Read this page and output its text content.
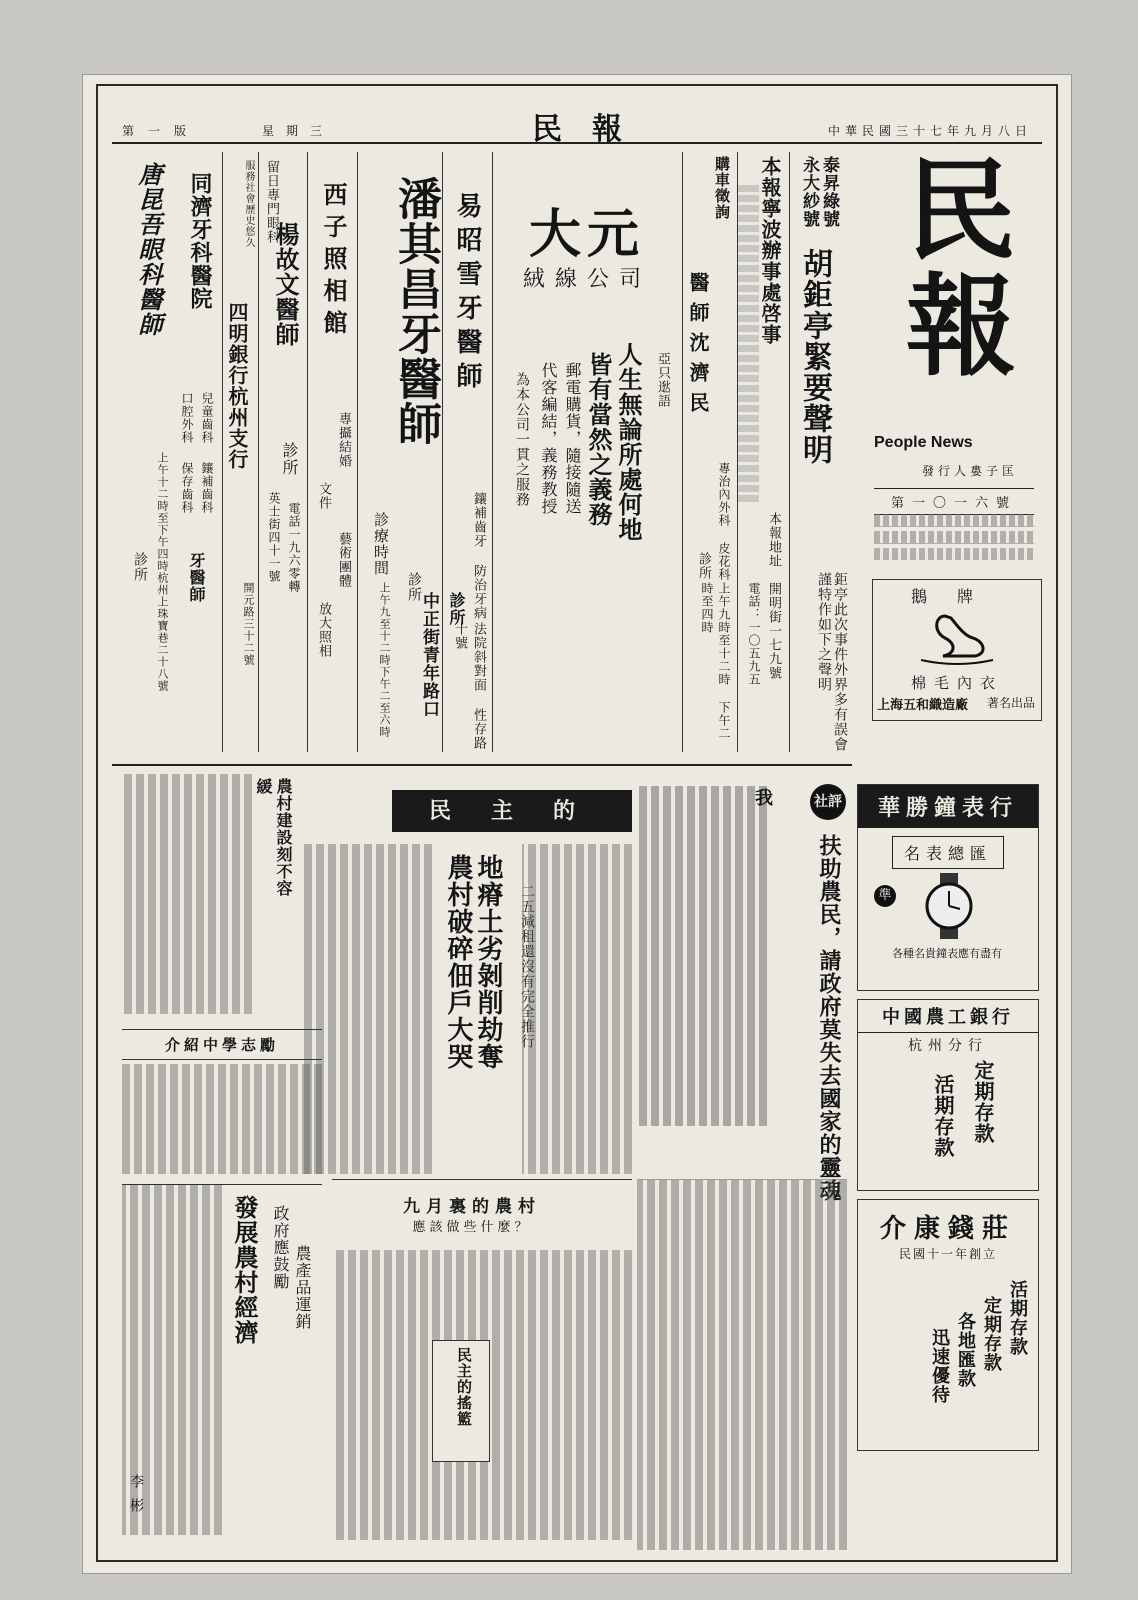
第一版	星期三	民報	中華民國三十七年九月八日
民報
People News
發行人婁子匡
第一〇一六號
鵝牌
棉毛內衣
上海五和織造廠 著名出品
泰昇綠號
永大紗號
胡鉅亭緊要聲明
鉅亭此次事件外界多有誤會謹特作如下之聲明
本報寧波辦事處啓事
本報地址
開明街一七九號
電話：一〇五九五
購車徵詢
醫師沈濟民
專治內外科 皮花科
診所
上午九時至十二時 下午二時至四時
大元
絨線公司
亞只逖語
人生無論所處何地
皆有當然之義務
郵電購貨，隨接隨送
代客編結，義務教授
為本公司一貫之服務
易昭雪牙醫師
鑲補齒牙 防治牙病
診所
法院斜對面 性存路十號
潘其昌牙醫師
診療時間
上午九至十二時下午二至六時 診所
中正街青年路口
西子照相館
專攝結婚
文件
藝術團體
放大照相
留日專門眼科
楊故文醫師
診所
英士街四十一號 電話一九六零轉
服務社會歷史悠久
四明銀行杭州支行
開元路三十二號
同濟牙科醫院
口腔外科 兒童齒科
保存齒科 鑲補齒科
牙醫師
唐昆吾眼科醫師
上午十二時至下午四時
診所
杭州上珠寶巷二十八號
華勝鐘表行
名表總匯
準
各種名貴鐘表應有盡有
中國農工銀行
杭州分行
定期存款
活期存款
介康錢莊
民國十一年創立
活期存款
定期存款
各地匯款
迅速優待
社評
扶助農民，請政府莫失去國家的靈魂
我
民主的牆
地瘠土劣剝削劫奪
農村破碎佃戶大哭	二五減租還沒有完全推行
農村建設刻不容緩
介紹中學志勵
發展農村經濟 政府應鼓勵 農產品運銷
九月裏的農村
應該做些什麼？
民主的搖籃
李彬
